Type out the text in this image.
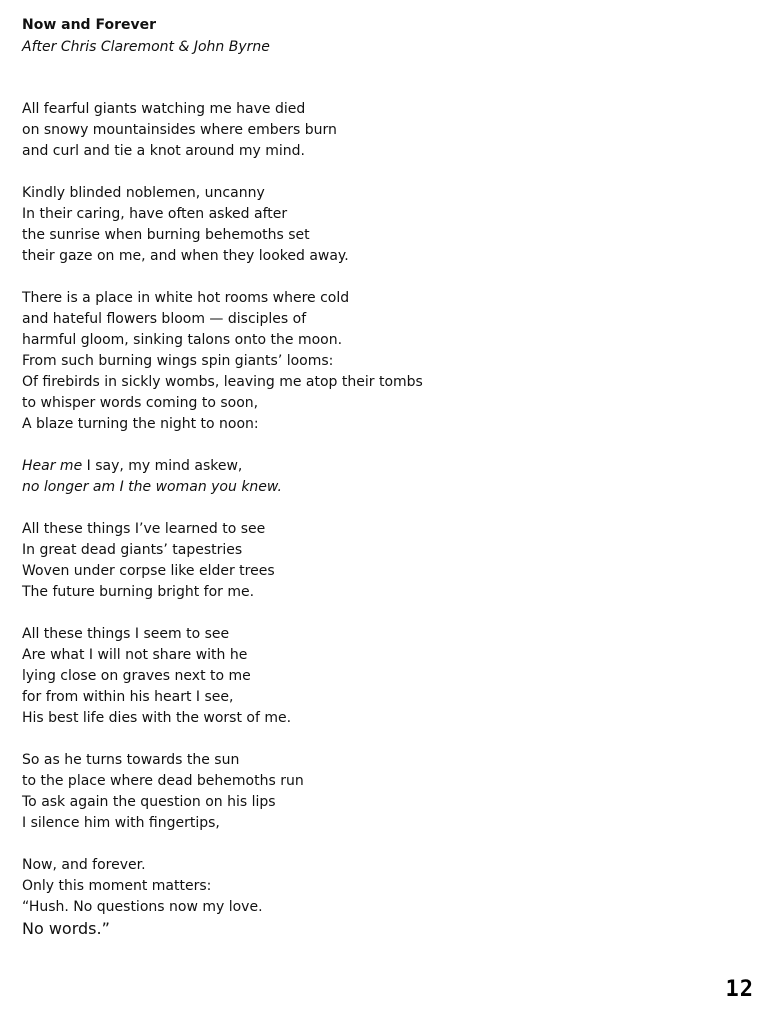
Now and Forever

After Chris Claremont & John Byrne

All fearful giants watching me have died
on snowy mountainsides where embers burn
and curl and tie a knot around my mind.
Kindly blinded noblemen, uncanny
In their caring, have often asked after
the sunrise when burning behemoths set
their gaze on me, and when they looked away.
There is a place in white hot rooms where cold
and hateful flowers bloom — disciples of
harmful gloom, sinking talons onto the moon.
From such burning wings spin giants’ looms:
Of firebirds in sickly wombs, leaving me atop their tombs
to whisper words coming to soon,
A blaze turning the night to noon:
Hear me I say, my mind askew,
no longer am I the woman you knew.
All these things I’ve learned to see
In great dead giants’ tapestries
Woven under corpse like elder trees
The future burning bright for me.
All these things I seem to see
Are what I will not share with he
lying close on graves next to me
for from within his heart I see,
His best life dies with the worst of me.
So as he turns towards the sun
to the place where dead behemoths run
To ask again the question on his lips
I silence him with fingertips,
Now, and forever.
Only this moment matters:
“Hush. No questions now my love.
No words.”
12
